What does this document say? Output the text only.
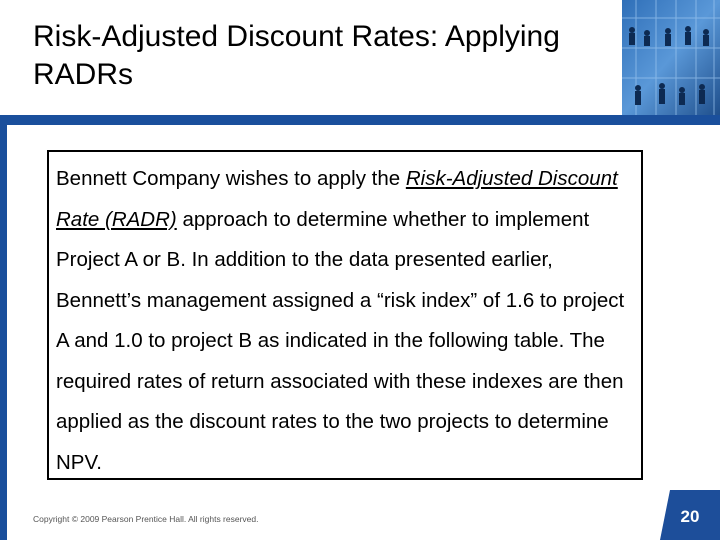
Risk-Adjusted Discount Rates: Applying RADRs

Bennett Company wishes to apply the Risk-Adjusted Discount Rate (RADR) approach to determine whether to implement Project A or B. In addition to the data presented earlier, Bennett’s management assigned a “risk index” of 1.6 to project A and 1.0 to project B as indicated in the following table. The required rates of return associated with these indexes are then applied as the discount rates to the two projects to determine NPV.

Copyright © 2009 Pearson Prentice Hall. All rights reserved.	20
